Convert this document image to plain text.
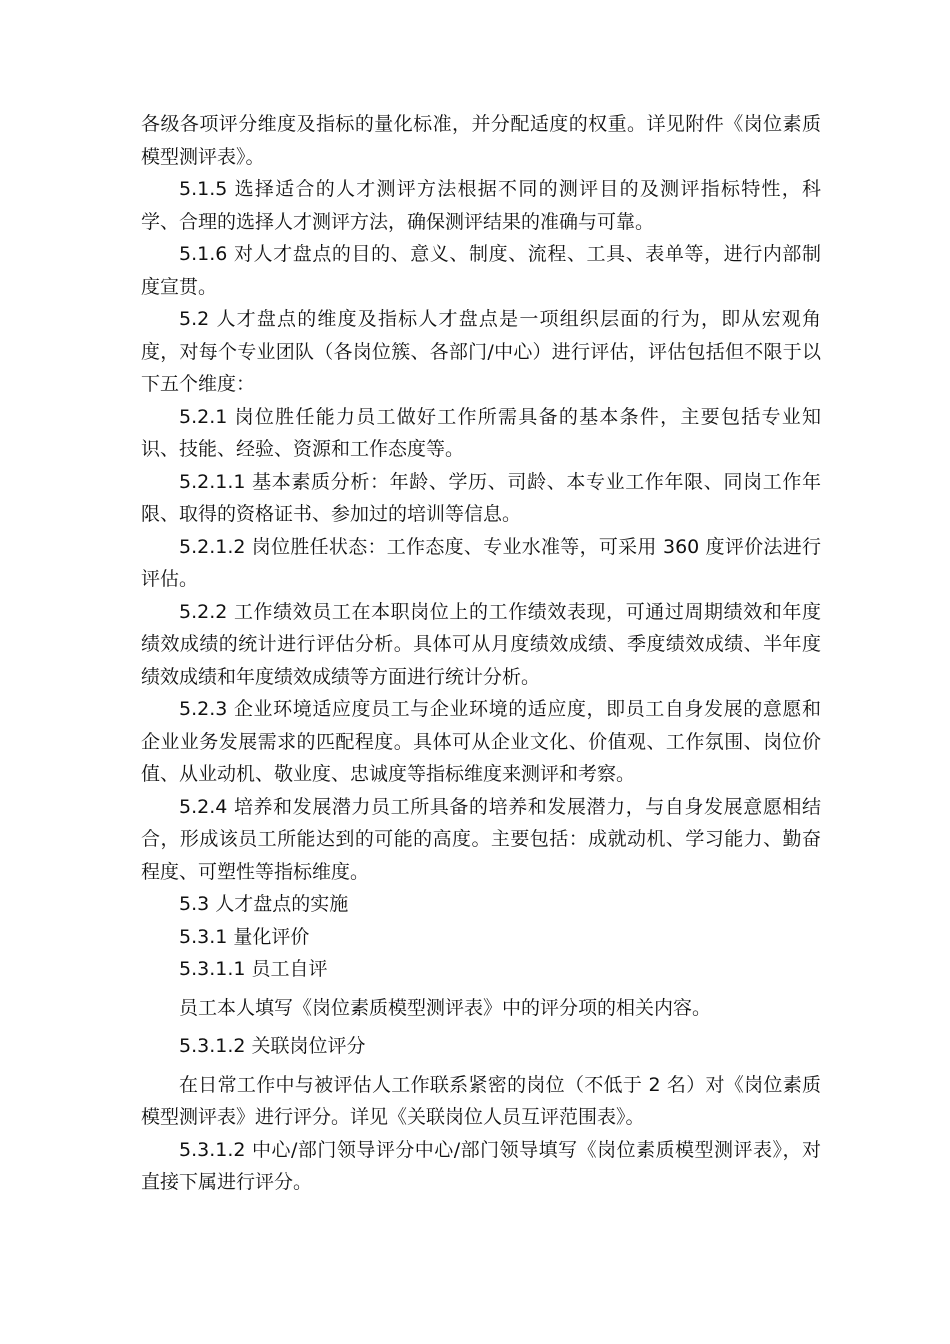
各级各项评分维度及指标的量化标准，并分配适度的权重。详见附件《岗位素质模型测评表》。

5.1.5 选择适合的人才测评方法根据不同的测评目的及测评指标特性，科学、合理的选择人才测评方法，确保测评结果的准确与可靠。

5.1.6 对人才盘点的目的、意义、制度、流程、工具、表单等，进行内部制度宣贯。

5.2 人才盘点的维度及指标人才盘点是一项组织层面的行为，即从宏观角度，对每个专业团队（各岗位簇、各部门/中心）进行评估，评估包括但不限于以下五个维度：

5.2.1 岗位胜任能力员工做好工作所需具备的基本条件，主要包括专业知识、技能、经验、资源和工作态度等。

5.2.1.1 基本素质分析：年龄、学历、司龄、本专业工作年限、同岗工作年限、取得的资格证书、参加过的培训等信息。

5.2.1.2 岗位胜任状态：工作态度、专业水准等，可采用 360 度评价法进行评估。

5.2.2 工作绩效员工在本职岗位上的工作绩效表现，可通过周期绩效和年度绩效成绩的统计进行评估分析。具体可从月度绩效成绩、季度绩效成绩、半年度绩效成绩和年度绩效成绩等方面进行统计分析。

5.2.3 企业环境适应度员工与企业环境的适应度，即员工自身发展的意愿和企业业务发展需求的匹配程度。具体可从企业文化、价值观、工作氛围、岗位价值、从业动机、敬业度、忠诚度等指标维度来测评和考察。

5.2.4 培养和发展潜力员工所具备的培养和发展潜力，与自身发展意愿相结合，形成该员工所能达到的可能的高度。主要包括：成就动机、学习能力、勤奋程度、可塑性等指标维度。

5.3 人才盘点的实施

5.3.1 量化评价

5.3.1.1 员工自评

员工本人填写《岗位素质模型测评表》中的评分项的相关内容。

5.3.1.2 关联岗位评分

在日常工作中与被评估人工作联系紧密的岗位（不低于 2 名）对《岗位素质模型测评表》进行评分。详见《关联岗位人员互评范围表》。

5.3.1.2 中心/部门领导评分中心/部门领导填写《岗位素质模型测评表》，对直接下属进行评分。
